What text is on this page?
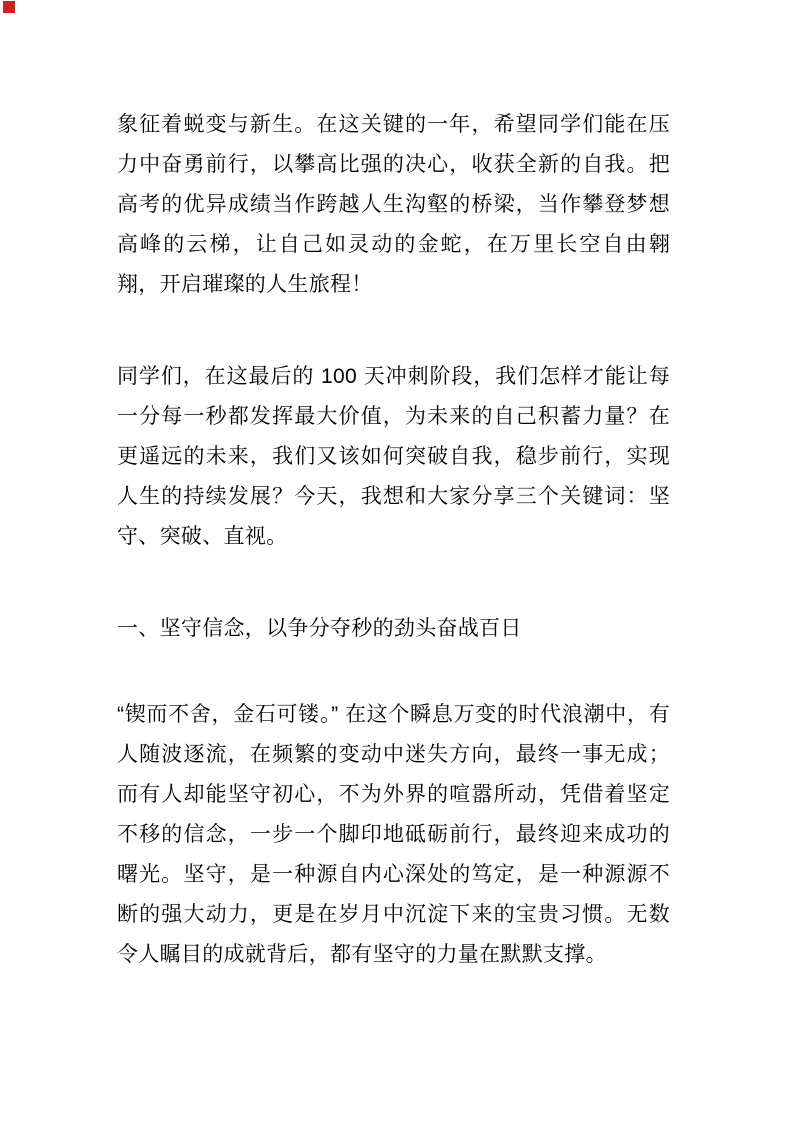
象征着蜕变与新生。在这关键的一年，希望同学们能在压力中奋勇前行，以攀高比强的决心，收获全新的自我。把高考的优异成绩当作跨越人生沟壑的桥梁，当作攀登梦想高峰的云梯，让自己如灵动的金蛇，在万里长空自由翱翔，开启璀璨的人生旅程！

同学们，在这最后的 100 天冲刺阶段，我们怎样才能让每一分每一秒都发挥最大价值，为未来的自己积蓄力量？在更遥远的未来，我们又该如何突破自我，稳步前行，实现人生的持续发展？今天，我想和大家分享三个关键词：坚守、突破、直视。

一、坚守信念，以争分夺秒的劲头奋战百日

“锲而不舍，金石可镂。” 在这个瞬息万变的时代浪潮中，有人随波逐流，在频繁的变动中迷失方向，最终一事无成；而有人却能坚守初心，不为外界的喧嚣所动，凭借着坚定不移的信念，一步一个脚印地砥砺前行，最终迎来成功的曙光。坚守，是一种源自内心深处的笃定，是一种源源不断的强大动力，更是在岁月中沉淀下来的宝贵习惯。无数令人瞩目的成就背后，都有坚守的力量在默默支撑。
